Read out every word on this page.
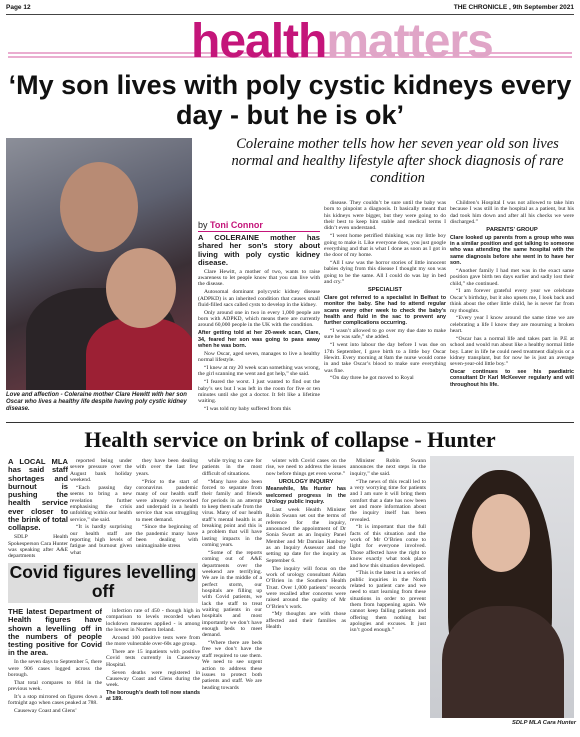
Page 12	THE CHRONICLE , 9th September 2021
healthmatters
‘My son lives with poly cystic kidneys every day - but he is ok’
Love and affection - Coleraine mother Clare Hewitt with her son Oscar who lives a healthy life despite having poly cystic kidney disease.
Coleraine mother tells how her seven year old son lives normal and healthy lifestyle after shock diagnosis of rare condition
by Toni Connor

A COLERAINE mother has shared her son’s story about living with poly cystic kidney disease.

Clare Hewitt, a mother of two, wants to raise awareness to let people know that you can live with the disease.

Autosomal dominant polycystic kidney disease (ADPKD) is an inherited condition that causes small fluid-filled sacs called cysts to develop in the kidney.

Only around one in two in every 1,000 people are born with ADPKD, which means there are currently around 60,000 people in the UK with the condition.

After getting told at her 20-week scan, Clare, 34, feared her son was going to pass away when he was born.

Now Oscar, aged seven, manages to live a healthy normal lifestyle.

“I knew at my 20 week scan something was wrong, the girl scanning me went and got help,” she said.

“I feared the worst. I just wanted to find out the baby’s sex but I was left in the room for five or ten minutes until she got a doctor. It felt like a lifetime waiting.

“I was told my baby suffered from this

disease. They couldn’t be sure until the baby was born to pinpoint a diagnosis. It basically meant that his kidneys were bigger, but they were going to do their best to keep him stable and medical terms I didn’t even understand.

“I went home petrified thinking was my little boy going to make it. Like everyone does, you just google everything and that is what I done as soon as I got in the door of my home.

“All I saw was the horror stories of little innocent babies dying from this disease I thought my son was going to be the same. All I could do was lay in bed and cry.”

SPECIALIST

Clare got referred to a specialist in Belfast to monitor the baby. She had to attend regular scans every other week to check the baby’s health and fluid in the sac to prevent any further complications occurring.

“I wasn’t allowed to go over my due date to make sure he was safe,” she added.

“I went into labour the day before I was due on 17th September, I gave birth to a little boy Oscar Hewitt. Every morning at 8am the nurse would come in and take Oscar’s blood to make sure everything was fine.

“On day three he got moved to Royal

Children’s Hospital I was not allowed to take him because I was still in the hospital as a patient, but his dad took him down and after all his checks we were discharged.”

PARENTS’ GROUP

Clare looked up parents from a group who was in a similar position and got talking to someone who was attending the same hospital with the same diagnosis before she went in to have her son.

“Another family I had met was in the exact same position gave birth ten days earlier and sadly lost their child,” she continued.

“I am forever grateful every year we celebrate Oscar’s birthday, but it also upsets me, I look back and think about the other little child, he is never far from my thoughts.

“Every year I know around the same time we are celebrating a life I know they are mourning a broken heart.

“Oscar has a normal life and takes part in P.E at school and would run about like a healthy normal little boy. Later in life he could need treatment dialysis or a kidney transplant, but for now he is just an average seven-year-old little boy.”

Oscar continues to see his paediatric consultant Dr Karl McKeever regularly and will throughout his life.

Health service on brink of collapse - Hunter

A LOCAL MLA has said staff shortages and burnout is pushing the health service ever closer to the brink of total collapse.

SDLP Health Spokesperson Cara Hunter was speaking after A&E departments

reported being under severe pressure over the August bank holiday weekend.

“Each passing day seems to bring a new revelation further emphasising the crisis unfolding within our health service,” she said.

“It is hardly surprising our health staff are reporting high levels of fatigue and burnout given what

they have been dealing with over the last few years.

“Prior to the start of coronavirus pandemic many of our health staff were already overworked and underpaid in a health service that was struggling to meet demand.

“Since the beginning of the pandemic many have been dealing with unimaginable stress

while trying to care for patients in the most difficult of situations.

“Many have also been forced to separate from their family and friends for periods in an attempt to keep them safe from the virus. Many of our health staff’s mental health is at breaking point and this is a problem that will have lasting impacts in the coming years.

“Some of the reports coming out of A&E departments over the weekend are terrifying. We are in the middle of a perfect storm, our hospitals are filling up with Covid patients, we lack the staff to treat waiting patients in our hospitals and most importantly we don’t have enough beds to meet demand.

“Where there are beds free we don’t have the staff required to use them. We need to see urgent action to address these issues to protect both patients and staff. We are heading towards

winter with Covid cases on the rise, we need to address the issues now before things get even worse.”

UROLOGY INQUIRY

Meanwhile, Ms Hunter has welcomed progress in the Urology public inquiry.

Last week Health Minister Robin Swann set out the terms of reference for the inquiry, announced the appointment of Dr Sonia Swart as an Inquiry Panel Member and Mr Damian Hanbury as an Inquiry Assessor and the setting up date for the inquiry as September 6.

The inquiry will focus on the work of urology consultant Aidan O’Brien in the Southern Health Trust. Over 1,000 patients’ records were recalled after concerns were raised around the quality of Mr O’Brien’s work.

“My thoughts are with those affected and their families as Health

Minister Robin Swann announces the next steps in the inquiry,” she said.

“The news of this recall led to a very worrying time for patients and I am sure it will bring them comfort that a date has now been set and more information about the inquiry itself has been revealed.

“It is important that the full facts of this situation and the work of Mr O’Brien come to light for everyone involved. Those affected have the right to know exactly what took place and how this situation developed.

“This is the latest in a series of public inquiries in the North related to patient care and we need to start learning from these situations in order to prevent them from happening again. We cannot keep failing patients and offering them nothing but apologies and excuses. It just isn’t good enough.”

Covid figures levelling off

THE latest Department of Health figures have shown a levelling off in the numbers of people testing positive for Covid in the area.

In the seven days to September 5, there were 906 cases logged across the borough.

That total compares to 864 in the previous week.

It’s a stop mirrored on figures down a fortnight ago when cases peaked at 788.

Causeway Coast and Glens’

infection rate of 450 - though high in comparison to levels recorded when lockdown measures applied - is among the lowest in Northern Ireland.

Around 100 positive tests were from the more vulnerable over-60s age group.

There are 15 inpatients with positive Covid tests currently in Causeway Hospital.

Seven deaths were registered in Causeway Coast and Glens during the week.

The borough’s death toll now stands at 189.

SDLP MLA Cara Hunter
